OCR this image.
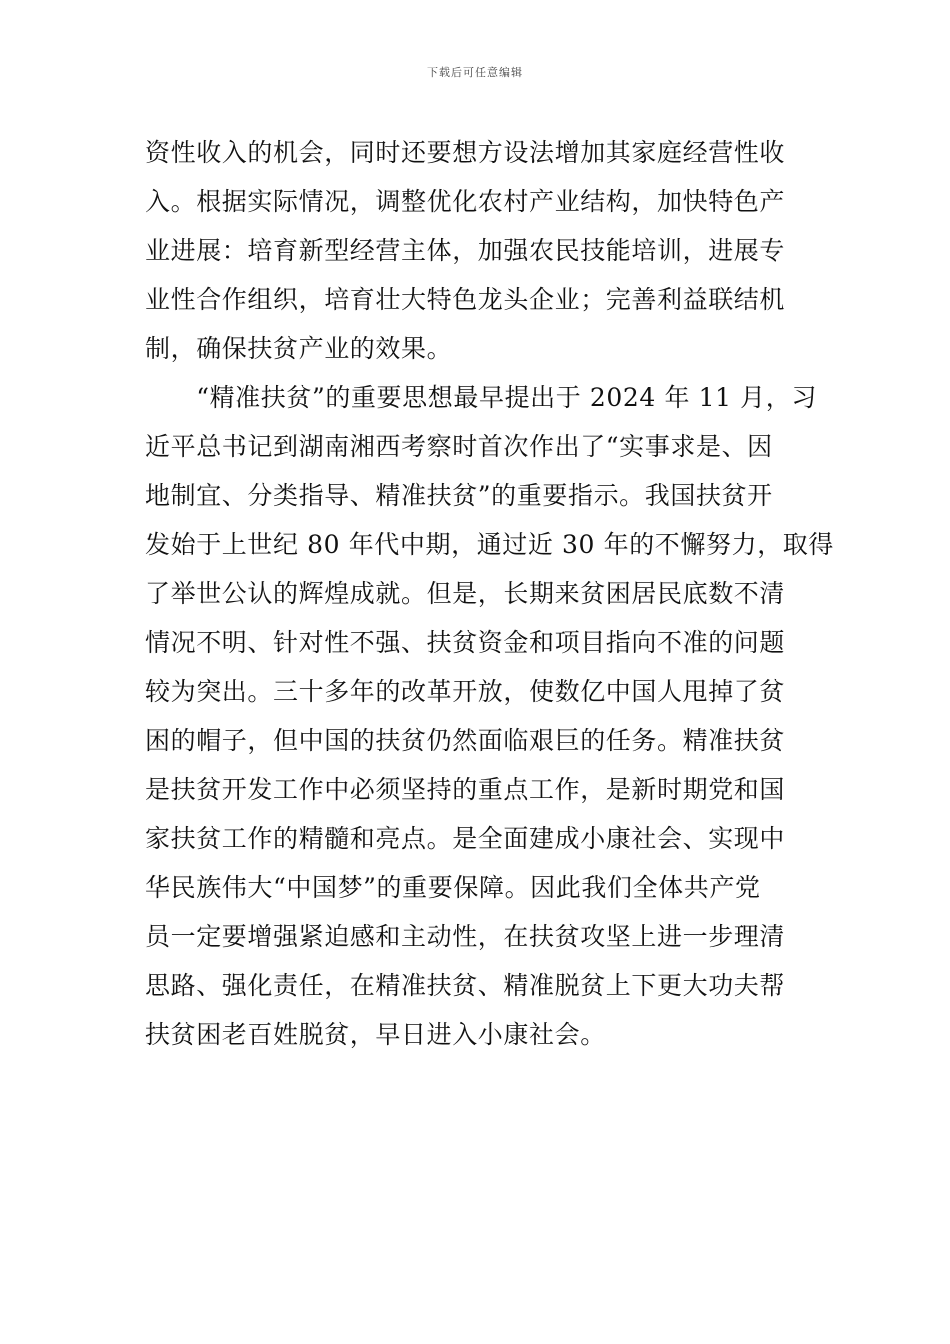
下载后可任意编辑
资性收入的机会，同时还要想方设法增加其家庭经营性收
入。根据实际情况，调整优化农村产业结构，加快特色产
业进展：培育新型经营主体，加强农民技能培训，进展专
业性合作组织，培育壮大特色龙头企业；完善利益联结机
制，确保扶贫产业的效果。
　　“精准扶贫”的重要思想最早提出于 2024 年 11 月，习
近平总书记到湖南湘西考察时首次作出了“实事求是、因
地制宜、分类指导、精准扶贫”的重要指示。我国扶贫开
发始于上世纪 80 年代中期，通过近 30 年的不懈努力，取得
了举世公认的辉煌成就。但是，长期来贫困居民底数不清
情况不明、针对性不强、扶贫资金和项目指向不准的问题
较为突出。三十多年的改革开放，使数亿中国人甩掉了贫
困的帽子，但中国的扶贫仍然面临艰巨的任务。精准扶贫
是扶贫开发工作中必须坚持的重点工作，是新时期党和国
家扶贫工作的精髓和亮点。是全面建成小康社会、实现中
华民族伟大“中国梦”的重要保障。因此我们全体共产党
员一定要增强紧迫感和主动性，在扶贫攻坚上进一步理清
思路、强化责任，在精准扶贫、精准脱贫上下更大功夫帮
扶贫困老百姓脱贫，早日进入小康社会。
